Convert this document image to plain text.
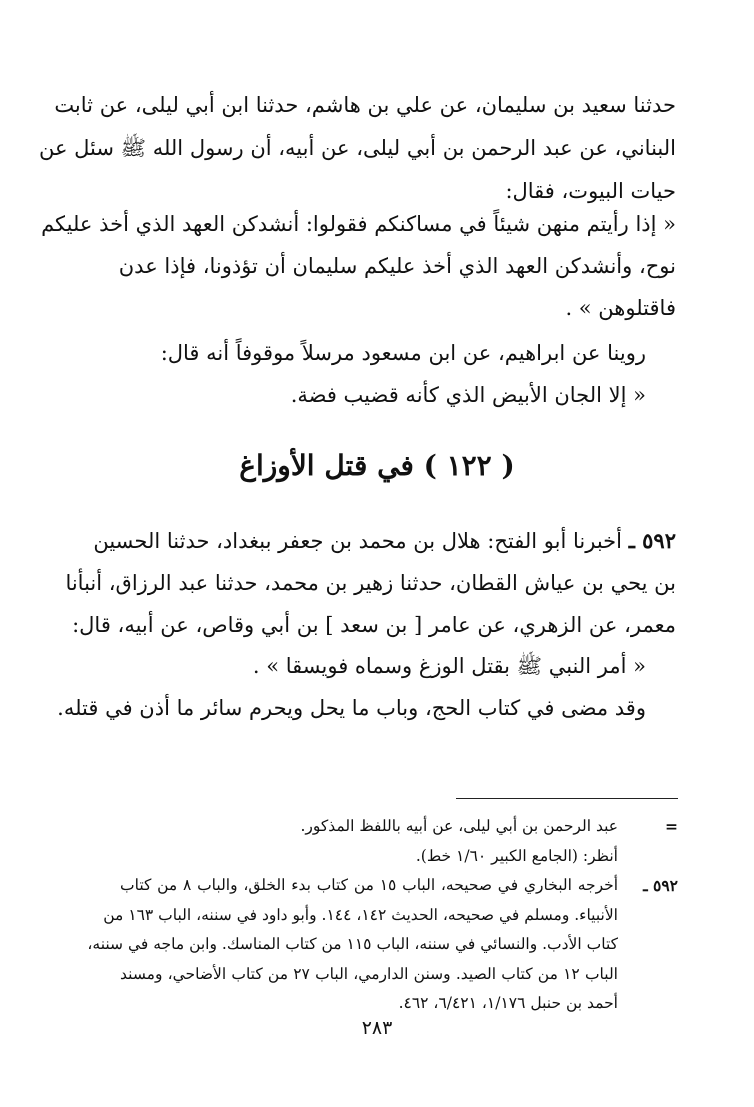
حدثنا سعيد بن سليمان، عن علي بن هاشم، حدثنا ابن أبي ليلى، عن ثابت
البناني، عن عبد الرحمن بن أبي ليلى، عن أبيه، أن رسول الله ﷺ سئل عن
حيات البيوت، فقال:
« إذا رأيتم منهن شيئاً في مساكنكم فقولوا: أنشدكن العهد الذي أخذ عليكم
نوح، وأنشدكن العهد الذي أخذ عليكم سليمان أن تؤذونا، فإذا عدن
فاقتلوهن » .
روينا عن ابراهيم، عن ابن مسعود مرسلاً موقوفاً أنه قال:
« إلا الجان الأبيض الذي كأنه قضيب فضة.
( ١٢٢ ) في قتل الأوزاغ
٥٩٢ ـ أخبرنا أبو الفتح: هلال بن محمد بن جعفر ببغداد، حدثنا الحسين
بن يحي بن عياش القطان، حدثنا زهير بن محمد، حدثنا عبد الرزاق، أنبأنا
معمر، عن الزهري، عن عامر [ بن سعد ] بن أبي وقاص، عن أبيه، قال:
« أمر النبي ﷺ بقتل الوزغ وسماه فويسقا » .
وقد مضى في كتاب الحج، وباب ما يحل ويحرم سائر ما أذن في قتله.
=
عبد الرحمن بن أبي ليلى، عن أبيه باللفظ المذكور.
أنظر: (الجامع الكبير ١/٦٠ خط).
٥٩٢ ـ
أخرجه البخاري في صحيحه، الباب ١٥ من كتاب بدء الخلق، والباب ٨ من كتاب
الأنبياء. ومسلم في صحيحه، الحديث ١٤٢، ١٤٤. وأبو داود في سننه، الباب ١٦٣ من
كتاب الأدب. والنسائي في سننه، الباب ١١٥ من كتاب المناسك. وابن ماجه في سننه،
الباب ١٢ من كتاب الصيد. وسنن الدارمي، الباب ٢٧ من كتاب الأضاحي، ومسند
أحمد بن حنبل ١/١٧٦، ٦/٤٢١، ٤٦٢.
٢٨٣
